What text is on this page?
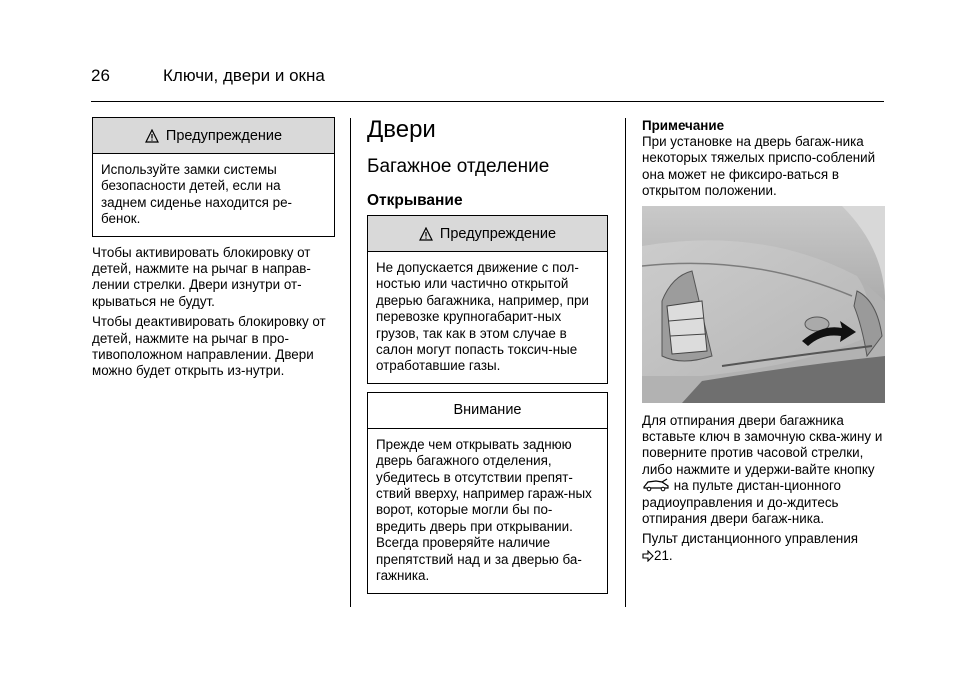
26	Ключи, двери и окна
Предупреждение
Используйте замки системы безопасности детей, если на заднем сиденье находится ре-бенок.

Чтобы активировать блокировку от детей, нажмите на рычаг в направ-лении стрелки. Двери изнутри от-крываться не будут.

Чтобы деактивировать блокировку от детей, нажмите на рычаг в про-тивоположном направлении. Двери можно будет открыть из-нутри.

Двери
Багажное отделение
Открывание
Предупреждение
Не допускается движение с пол-ностью или частично открытой дверью багажника, например, при перевозке крупногабарит-ных грузов, так как в этом случае в салон могут попасть токсич-ные отработавшие газы.
Внимание
Прежде чем открывать заднюю дверь багажного отделения, убедитесь в отсутствии препят-ствий вверху, например гараж-ных ворот, которые могли бы по-вредить дверь при открывании. Всегда проверяйте наличие препятствий над и за дверью ба-гажника.
Примечание
При установке на дверь багаж-ника некоторых тяжелых приспо-соблений она может не фиксиро-ваться в открытом положении.

Для отпирания двери багажника вставьте ключ в замочную сква-жину и поверните против часовой стрелки, либо нажмите и удержи-вайте кнопку  на пульте дистан-ционного радиоуправления и до-ждитесь отпирания двери багаж-ника.

Пульт дистанционного управления
21.
